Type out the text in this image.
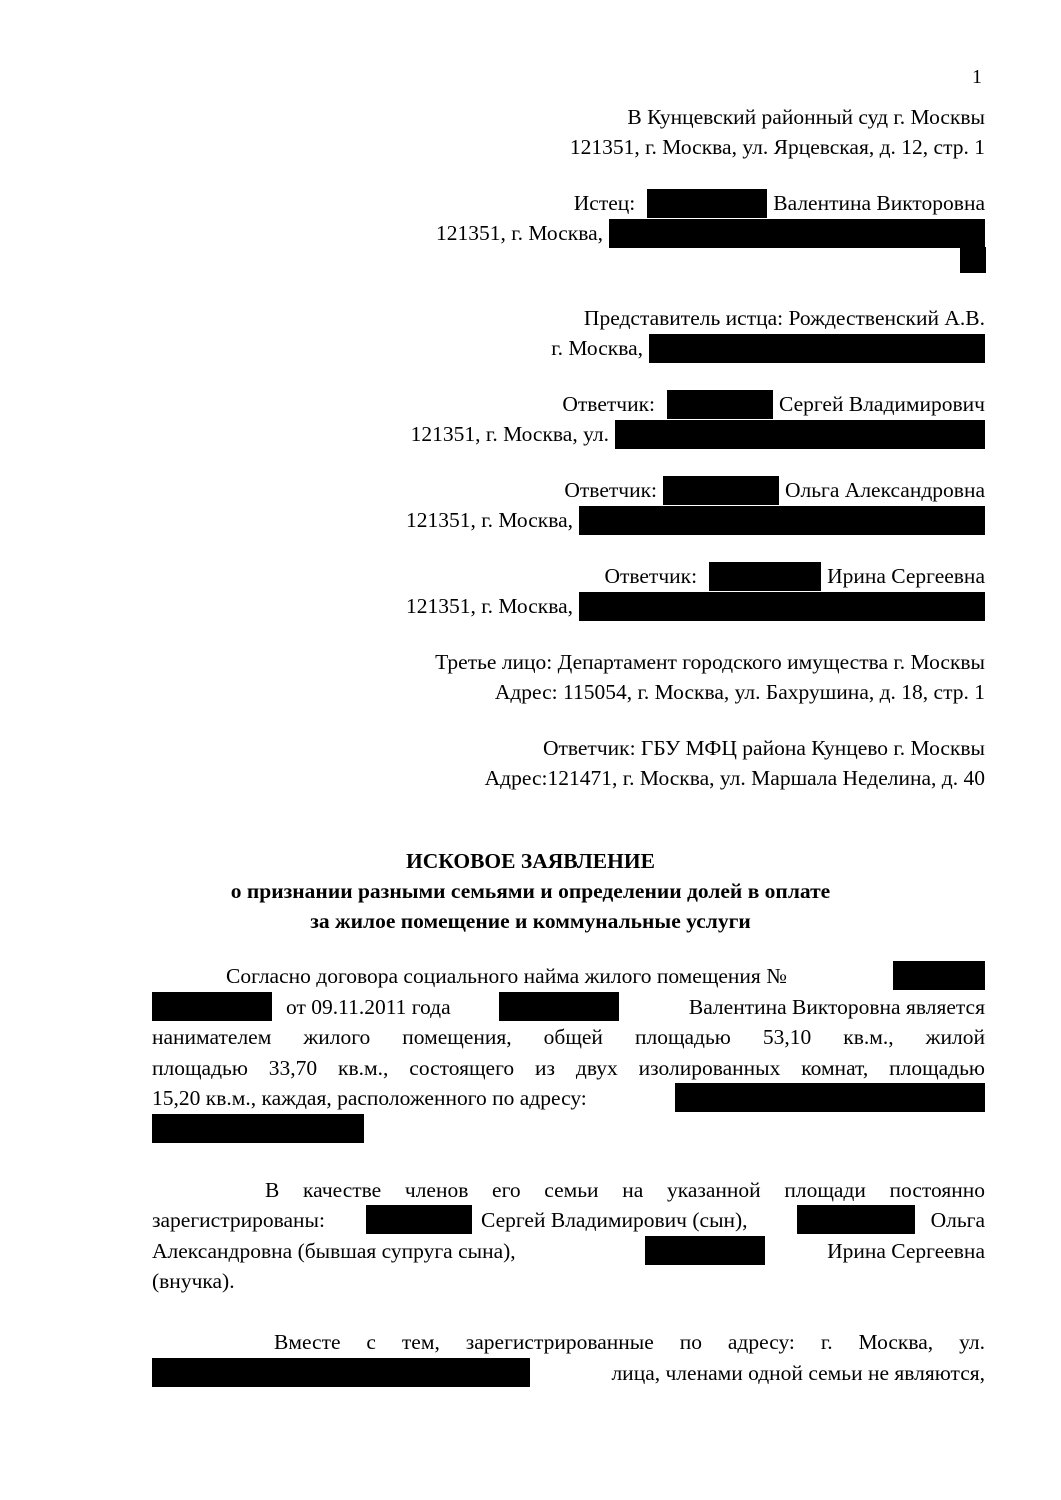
1
В Кунцевский районный суд г. Москвы
121351, г. Москва, ул. Ярцевская, д. 12, стр. 1
Истец:	Валентина Викторовна
121351, г. Москва,
Представитель истца: Рождественский А.В.
г. Москва,
Ответчик:	Сергей Владимирович
121351, г. Москва, ул.
Ответчик:	Ольга Александровна
121351, г. Москва,
Ответчик:	Ирина Сергеевна
121351, г. Москва,
Третье лицо: Департамент городского имущества г. Москвы
Адрес: 115054, г. Москва, ул. Бахрушина, д. 18, стр. 1
Ответчик: ГБУ МФЦ района Кунцево г. Москвы
Адрес:121471, г. Москва, ул. Маршала Неделина, д. 40
ИСКОВОЕ ЗАЯВЛЕНИЕ
о признании разными семьями и определении долей в оплате
за жилое помещение и коммунальные услуги
Согласно договора социального найма жилого помещения №
от 09.11.2011 года	Валентина Викторовна является
нанимателем жилого помещения, общей площадью 53,10 кв.м., жилой
площадью 33,70 кв.м., состоящего из двух изолированных комнат, площадью
15,20 кв.м., каждая, расположенного по адресу:
В качестве членов его семьи на указанной площади постоянно
зарегистрированы:	Сергей Владимирович (сын),	Ольга
Александровна (бывшая супруга сына),	Ирина Сергеевна
(внучка).
Вместе с тем, зарегистрированные по адресу: г. Москва, ул.
лица, членами одной семьи не являются,
